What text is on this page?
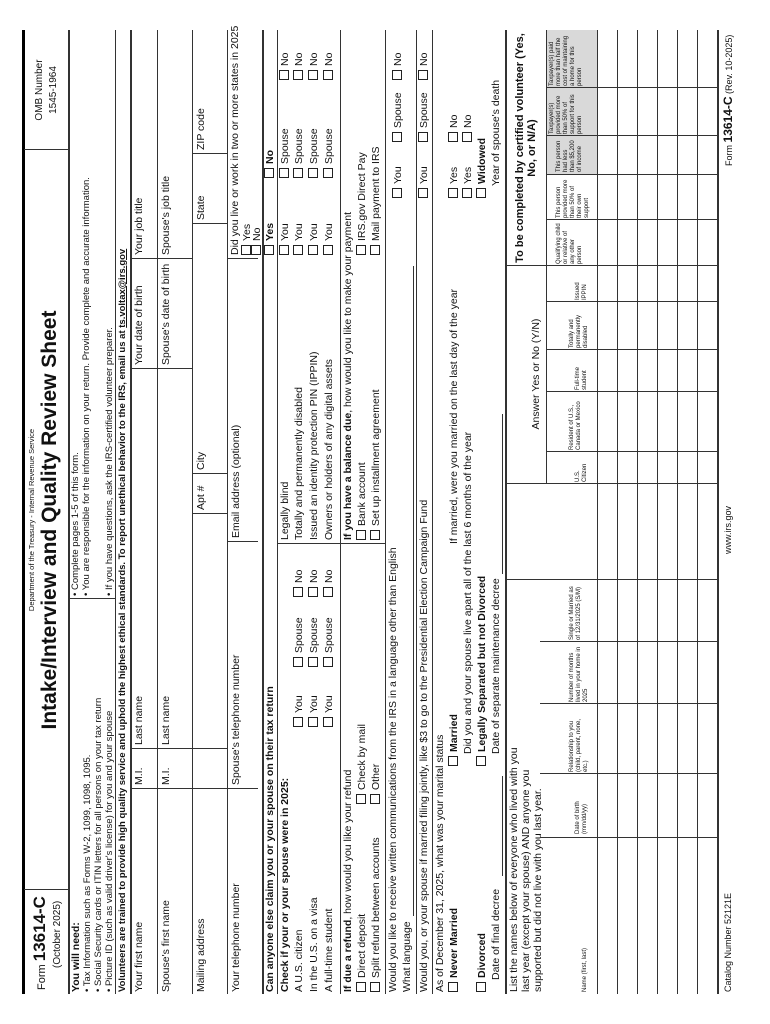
Form 13614-C (October 2025)
Department of the Treasury - Internal Revenue Service Intake/Interview and Quality Review Sheet
OMB Number 1545-1964
You will need: • Tax Information such as Forms W-2, 1099, 1098, 1095.
• Social Security cards or ITIN letters for all persons on your tax return
• Picture ID (such as valid driver's license) for you and your spouse
• Complete pages 1-5 of this form.
• You are responsible for the information on your return. Provide complete and accurate information.
• If you have questions, ask the IRS-certified volunteer preparer. Volunteers are trained to provide high quality service and uphold the highest ethical standards. To report unethical behavior to the IRS, email us at ts.voltax@irs.gov
Your first name
M.I.
Last name
Your date of birth
Your job title
Spouse's first name
M.I.
Last name
Spouse's date of birth
Spouse's job title
Mailing address
Apt #
City
State
ZIP code
Your telephone number
Spouse's telephone number
Email address (optional)
Did you live or work in two or more states in 2025 Yes
No
Can anyone else claim you or your spouse on their tax return
Yes
No
Check if your or your spouse were in 2025: A U.S. citizen In the U.S. on a visa A full-time student
You
Spouse
No
You
Spouse
No
You
Spouse
No
Legally blind Totally and permanently disabled Issued an identity protection PIN (IPPIN) Owners or holders of any digital assets
You
Spouse
No
You
Spouse
No
You
Spouse
No
You
Spouse
No
If due a refund, how would you like your refund
Direct deposit
Check by mail
Split refund between accounts
Other
If you have a balance due, how would you like to make your payment
Bank account
IRS.gov Direct Pay
Set up installment agreement
Mail payment to IRS
Would you like to receive written communications from the IRS in a language other than English What language
You
Spouse
No
Would you, or your spouse if married filing jointly, like $3 to go to the Presidential Election Campaign Fund
You
Spouse
No
As of December 31, 2025, what was your marital status Never Married
Married
If married, were you married on the last day of the year
Yes
No
Did you and your spouse live apart all of the last 6 months of the year
Yes
No
Divorced
Legally Separated but not Divorced
Widowed
Date of final decree
Date of separate maintenance decree
Year of spouse's death
List the names below of everyone who lived with you last year (except your spouse) AND anyone you supported but did not live with you last year.
Answer Yes or No (Y/N)
To be completed by certified volunteer (Yes, No, or N/A)
Name (first, last)
Date of birth (mm/dd/yy)
Relationship to you (child, parent, none, etc.)
Number of months lived in your home in 2025
Single or Married as of 12/31/2025 (S/M)
U.S. Citizen
Resident of U.S., Canada or Mexico
Full-time student
Totally and permanently disabled
Issued IPPIN
Qualifying child or relative of any other person
This person provided more than 50% of their own support
This person had less than $5,200 of income
Taxpayer(s) provided more than 50% of support for this person
Taxpayer(s) paid more than half the cost of maintaining a home for this person
Catalog Number 52121E
www.irs.gov
Form 13614-C (Rev. 10-2025)
